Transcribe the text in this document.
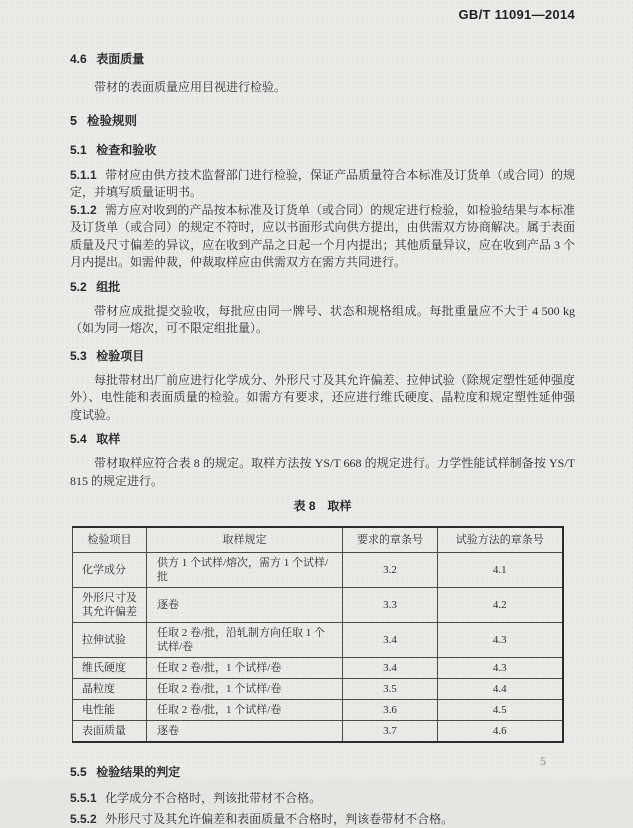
GB/T 11091—2014

4.6 表面质量

带材的表面质量应用目视进行检验。

5 检验规则

5.1 检查和验收

5.1.1 带材应由供方技术监督部门进行检验，保证产品质量符合本标准及订货单（或合同）的规定，并填写质量证明书。

5.1.2 需方应对收到的产品按本标准及订货单（或合同）的规定进行检验，如检验结果与本标准及订货单（或合同）的规定不符时，应以书面形式向供方提出，由供需双方协商解决。属于表面质量及尺寸偏差的异议，应在收到产品之日起一个月内提出；其他质量异议，应在收到产品 3 个月内提出。如需仲裁，仲裁取样应由供需双方在需方共同进行。

5.2 组批

带材应成批提交验收，每批应由同一牌号、状态和规格组成。每批重量应不大于 4 500 kg（如为同一熔次，可不限定组批量）。

5.3 检验项目

每批带材出厂前应进行化学成分、外形尺寸及其允许偏差、拉伸试验（除规定塑性延伸强度外）、电性能和表面质量的检验。如需方有要求，还应进行维氏硬度、晶粒度和规定塑性延伸强度试验。

5.4 取样

带材取样应符合表 8 的规定。取样方法按 YS/T 668 的规定进行。力学性能试样制备按 YS/T 815 的规定进行。

表 8　取样

检验项目	取样规定	要求的章条号	试验方法的章条号
化学成分	供方 1 个试样/熔次，需方 1 个试样/批	3.2	4.1
外形尺寸及其允许偏差	逐卷	3.3	4.2
拉伸试验	任取 2 卷/批，沿轧制方向任取 1 个试样/卷	3.4	4.3
维氏硬度	任取 2 卷/批，1 个试样/卷	3.4	4.3
晶粒度	任取 2 卷/批，1 个试样/卷	3.5	4.4
电性能	任取 2 卷/批，1 个试样/卷	3.6	4.5
表面质量	逐卷	3.7	4.6

5.5 检验结果的判定

5.5.1 化学成分不合格时，判该批带材不合格。

5.5.2 外形尺寸及其允许偏差和表面质量不合格时，判该卷带材不合格。

5
